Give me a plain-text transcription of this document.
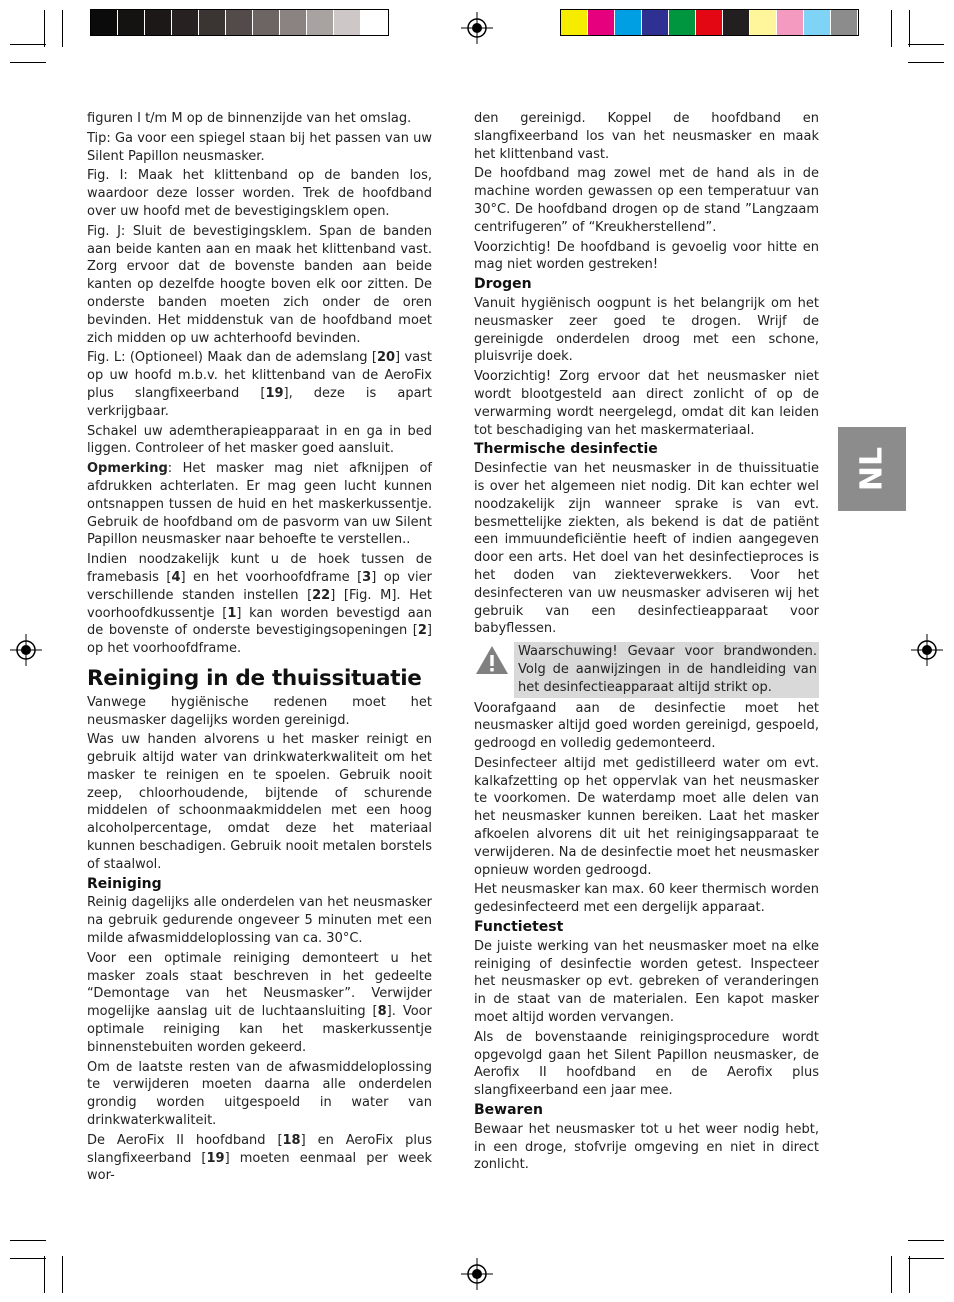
NL

figuren I t/m M op de binnenzijde van het omslag.

Tip: Ga voor een spiegel staan bij het passen van uw Silent Papillon neusmasker.

Fig. I: Maak het klittenband op de banden los, waardoor deze losser worden. Trek de hoofdband over uw hoofd met de bevestigingsklem open.

Fig. J: Sluit de bevestigingsklem. Span de banden aan beide kanten aan en maak het klittenband vast. Zorg ervoor dat de bovenste banden aan beide kanten op dezelfde hoogte boven elk oor zitten. De onderste banden moeten zich onder de oren bevinden. Het middenstuk van de hoofdband moet zich midden op uw achterhoofd bevinden.

Fig. L: (Optioneel) Maak dan de ademslang [20] vast op uw hoofd m.b.v. het klittenband van de AeroFix plus slangfixeerband [19], deze is apart verkrijgbaar.

Schakel uw ademtherapieapparaat in en ga in bed liggen. Controleer of het masker goed aansluit.

Opmerking: Het masker mag niet afknijpen of afdrukken achterlaten. Er mag geen lucht kunnen ontsnappen tussen de huid en het maskerkussentje. Gebruik de hoofdband om de pasvorm van uw Silent Papillon neusmasker naar behoefte te verstellen..

Indien noodzakelijk kunt u de hoek tussen de framebasis [4] en het voorhoofdframe [3] op vier verschillende standen instellen [22] [Fig. M]. Het voorhoofdkussentje [1] kan worden bevestigd aan de bovenste of onderste bevestigingsopeningen [2] op het voorhoofdframe.

Reiniging in de thuissituatie

Vanwege hygiënische redenen moet het neusmasker dagelijks worden gereinigd.

Was uw handen alvorens u het masker reinigt en gebruik altijd water van drinkwaterkwaliteit om het masker te reinigen en te spoelen. Gebruik nooit zeep, chloorhoudende, bijtende of schurende middelen of schoonmaakmiddelen met een hoog alcoholpercentage, omdat deze het materiaal kunnen beschadigen. Gebruik nooit metalen borstels of staalwol.

Reiniging

Reinig dagelijks alle onderdelen van het neusmasker na gebruik gedurende ongeveer 5 minuten met een milde afwasmiddeloplossing van ca. 30°C.

Voor een optimale reiniging demonteert u het masker zoals staat beschreven in het gedeelte “Demontage van het Neusmasker”. Verwijder mogelijke aanslag uit de luchtaansluiting [8]. Voor optimale reiniging kan het maskerkussentje binnenstebuiten worden gekeerd.

Om de laatste resten van de afwasmiddeloplossing te verwijderen moeten daarna alle onderdelen grondig worden uitgespoeld in water van drinkwaterkwaliteit.

De AeroFix II hoofdband [18] en AeroFix plus slangfixeerband [19] moeten eenmaal per week wor-

den gereinigd. Koppel de hoofdband en slangfixeerband los van het neusmasker en maak het klittenband vast.

De hoofdband mag zowel met de hand als in de machine worden gewassen op een temperatuur van 30°C. De hoofdband drogen op de stand ”Langzaam centrifugeren” of “Kreukherstellend”.

Voorzichtig! De hoofdband is gevoelig voor hitte en mag niet worden gestreken!

Drogen

Vanuit hygiënisch oogpunt is het belangrijk om het neusmasker zeer goed te drogen. Wrijf de gereinigde onderdelen droog met een schone, pluisvrije doek.

Voorzichtig! Zorg ervoor dat het neusmasker niet wordt blootgesteld aan direct zonlicht of op de verwarming wordt neergelegd, omdat dit kan leiden tot beschadiging van het maskermateriaal.

Thermische desinfectie

Desinfectie van het neusmasker in de thuissituatie is over het algemeen niet nodig. Dit kan echter wel noodzakelijk zijn wanneer sprake is van evt. besmettelijke ziekten, als bekend is dat de patiënt een immuundeficiëntie heeft of indien aangegeven door een arts. Het doel van het desinfectieproces is het doden van ziekteverwekkers. Voor het desinfecteren van uw neusmasker adviseren wij het gebruik van een desinfectieapparaat voor babyflessen.

Waarschuwing! Gevaar voor brandwonden. Volg de aanwijzingen in de handleiding van het desinfectieapparaat altijd strikt op.

Voorafgaand aan de desinfectie moet het neusmasker altijd goed worden gereinigd, gespoeld, gedroogd en volledig gedemonteerd.

Desinfecteer altijd met gedistilleerd water om evt. kalkafzetting op het oppervlak van het neusmasker te voorkomen. De waterdamp moet alle delen van het neusmasker kunnen bereiken. Laat het masker afkoelen alvorens dit uit het reinigingsapparaat te verwijderen. Na de desinfectie moet het neusmasker opnieuw worden gedroogd.

Het neusmasker kan max. 60 keer thermisch worden gedesinfecteerd met een dergelijk apparaat.

Functietest

De juiste werking van het neusmasker moet na elke reiniging of desinfectie worden getest. Inspecteer het neusmasker op evt. gebreken of veranderingen in de staat van de materialen. Een kapot masker moet altijd worden vervangen.

Als de bovenstaande reinigingsprocedure wordt opgevolgd gaan het Silent Papillon neusmasker, de Aerofix II hoofdband en de Aerofix plus slangfixeerband een jaar mee.

Bewaren

Bewaar het neusmasker tot u het weer nodig hebt, in een droge, stofvrije omgeving en niet in direct zonlicht.
